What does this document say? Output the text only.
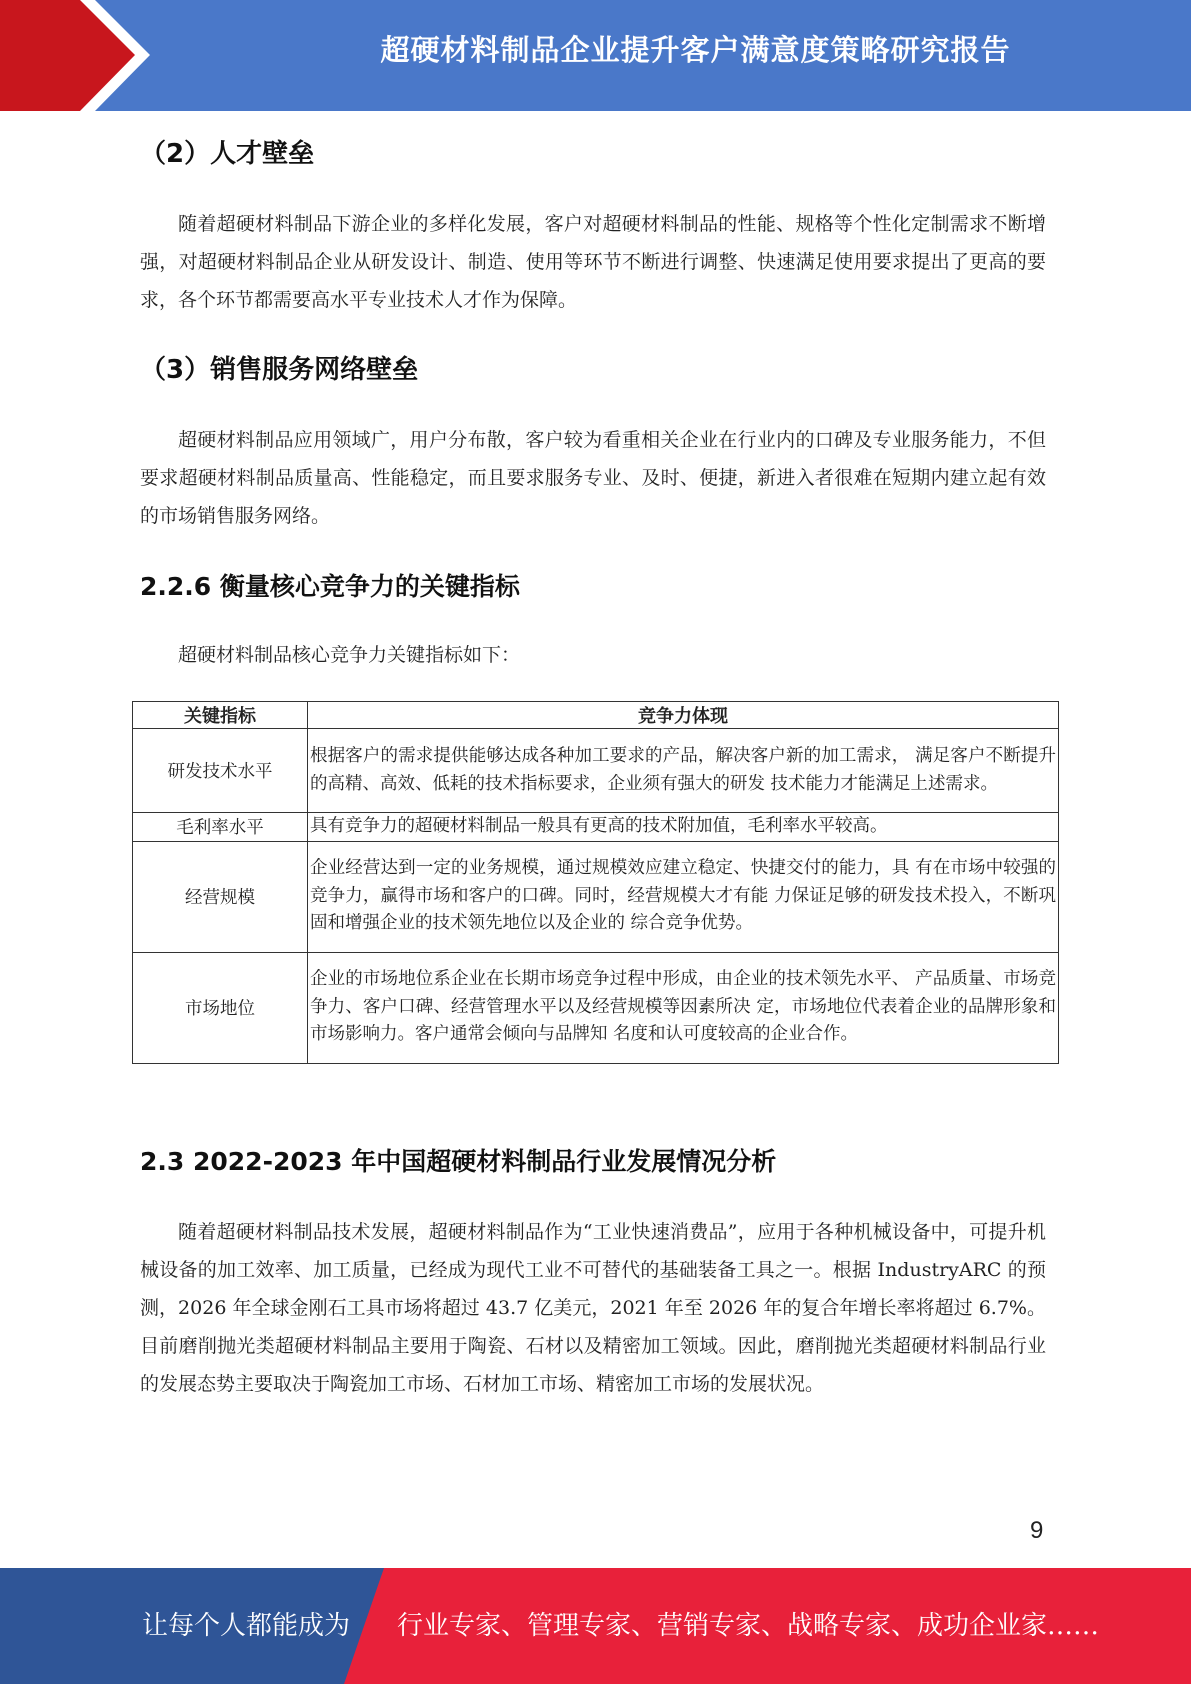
超硬材料制品企业提升客户满意度策略研究报告
（2）人才壁垒

随着超硬材料制品下游企业的多样化发展，客户对超硬材料制品的性能、规格等个性化定制需求不断增强，对超硬材料制品企业从研发设计、制造、使用等环节不断进行调整、快速满足使用要求提出了更高的要求，各个环节都需要高水平专业技术人才作为保障。

（3）销售服务网络壁垒

超硬材料制品应用领域广，用户分布散，客户较为看重相关企业在行业内的口碑及专业服务能力，不但要求超硬材料制品质量高、性能稳定，而且要求服务专业、及时、便捷，新进入者很难在短期内建立起有效的市场销售服务网络。

2.2.6 衡量核心竞争力的关键指标

超硬材料制品核心竞争力关键指标如下：

关键指标	竞争力体现
研发技术水平	根据客户的需求提供能够达成各种加工要求的产品，解决客户新的加工需求， 满足客户不断提升的高精、高效、低耗的技术指标要求，企业须有强大的研发 技术能力才能满足上述需求。
毛利率水平	具有竞争力的超硬材料制品一般具有更高的技术附加值，毛利率水平较高。
经营规模	企业经营达到一定的业务规模，通过规模效应建立稳定、快捷交付的能力，具 有在市场中较强的竞争力，赢得市场和客户的口碑。同时，经营规模大才有能 力保证足够的研发技术投入，不断巩固和增强企业的技术领先地位以及企业的 综合竞争优势。
市场地位	企业的市场地位系企业在长期市场竞争过程中形成，由企业的技术领先水平、 产品质量、市场竞争力、客户口碑、经营管理水平以及经营规模等因素所决 定，市场地位代表着企业的品牌形象和市场影响力。客户通常会倾向与品牌知 名度和认可度较高的企业合作。
2.3 2022-2023 年中国超硬材料制品行业发展情况分析

随着超硬材料制品技术发展，超硬材料制品作为“工业快速消费品”，应用于各种机械设备中，可提升机械设备的加工效率、加工质量，已经成为现代工业不可替代的基础装备工具之一。根据 IndustryARC 的预测，2026 年全球金刚石工具市场将超过 43.7 亿美元，2021 年至 2026 年的复合年增长率将超过 6.7%。目前磨削抛光类超硬材料制品主要用于陶瓷、石材以及精密加工领域。因此，磨削抛光类超硬材料制品行业的发展态势主要取决于陶瓷加工市场、石材加工市场、精密加工市场的发展状况。

9
让每个人都能成为 行业专家、管理专家、营销专家、战略专家、成功企业家……
